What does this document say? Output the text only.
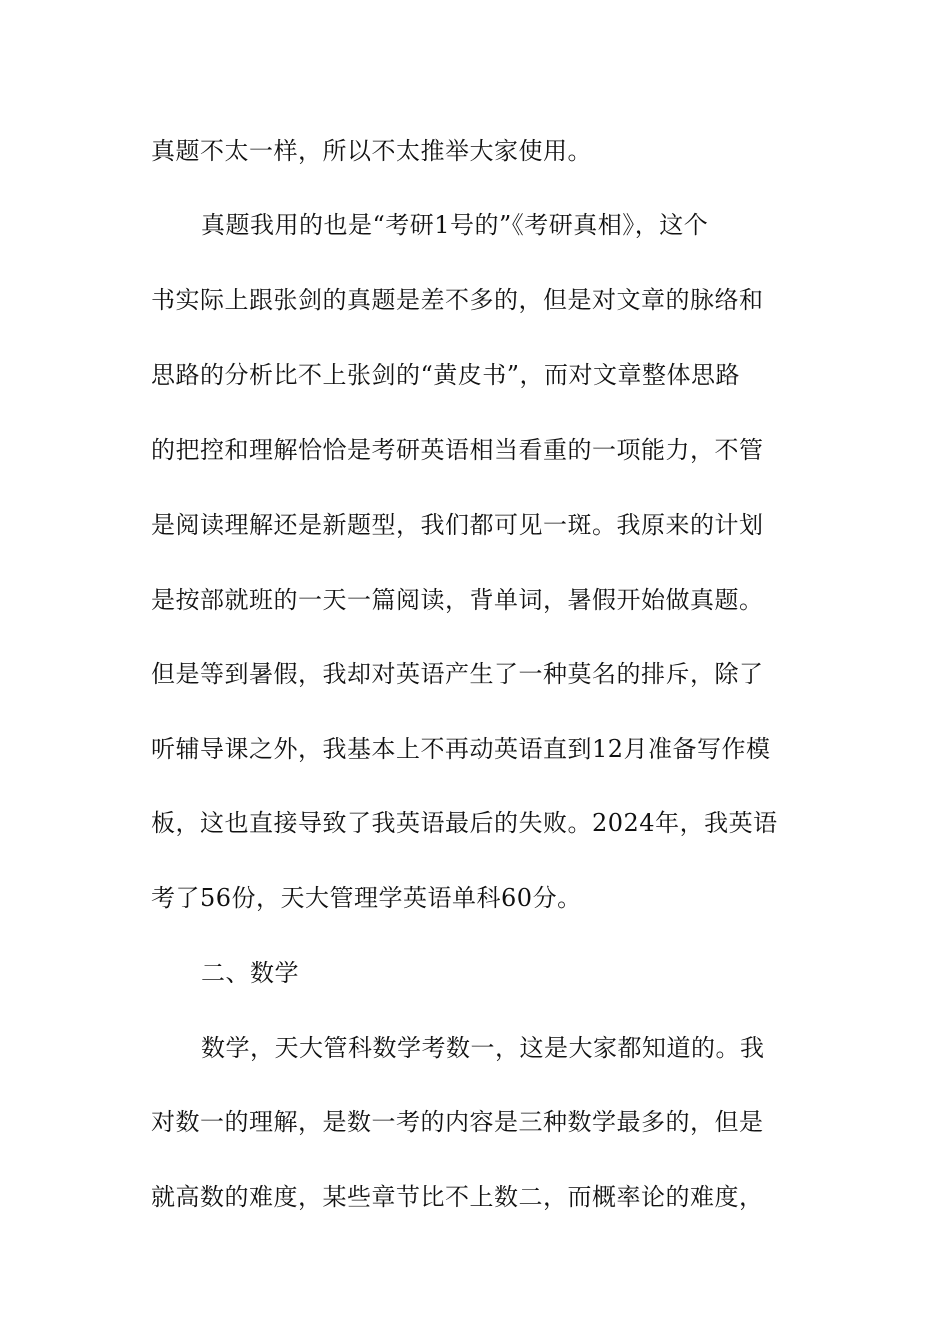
真题不太一样，所以不太推举大家使用。
真题我用的也是“考研1号的”《考研真相》，这个
书实际上跟张剑的真题是差不多的，但是对文章的脉络和
思路的分析比不上张剑的“黄皮书”，而对文章整体思路
的把控和理解恰恰是考研英语相当看重的一项能力，不管
是阅读理解还是新题型，我们都可见一斑。我原来的计划
是按部就班的一天一篇阅读，背单词，暑假开始做真题。
但是等到暑假，我却对英语产生了一种莫名的排斥，除了
听辅导课之外，我基本上不再动英语直到12月准备写作模
板，这也直接导致了我英语最后的失败。2024年，我英语
考了56份，天大管理学英语单科60分。
二、数学
数学，天大管科数学考数一，这是大家都知道的。我
对数一的理解，是数一考的内容是三种数学最多的，但是
就高数的难度，某些章节比不上数二，而概率论的难度，
